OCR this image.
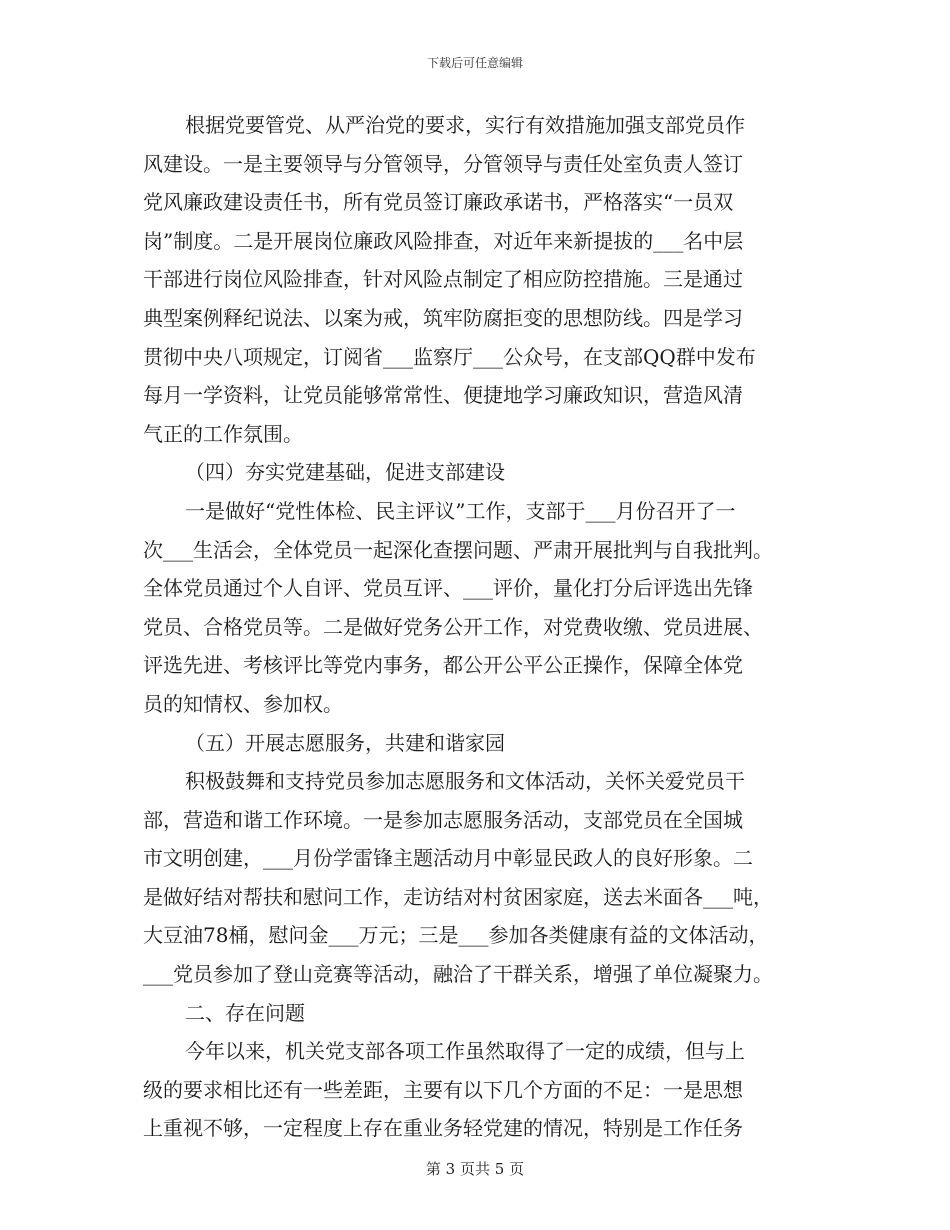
下载后可任意编辑
根据党要管党、从严治党的要求，实行有效措施加强支部党员作
风建设。一是主要领导与分管领导，分管领导与责任处室负责人签订
党风廉政建设责任书，所有党员签订廉政承诺书，严格落实“一员双
岗”制度。二是开展岗位廉政风险排查，对近年来新提拔的___名中层
干部进行岗位风险排查，针对风险点制定了相应防控措施。三是通过
典型案例释纪说法、以案为戒，筑牢防腐拒变的思想防线。四是学习
贯彻中央八项规定，订阅省___监察厅___公众号，在支部QQ群中发布
每月一学资料，让党员能够常常性、便捷地学习廉政知识，营造风清
气正的工作氛围。
（四）夯实党建基础，促进支部建设
一是做好“党性体检、民主评议”工作，支部于___月份召开了一
次___生活会，全体党员一起深化查摆问题、严肃开展批判与自我批判。
全体党员通过个人自评、党员互评、___评价，量化打分后评选出先锋
党员、合格党员等。二是做好党务公开工作，对党费收缴、党员进展、
评选先进、考核评比等党内事务，都公开公平公正操作，保障全体党
员的知情权、参加权。
（五）开展志愿服务，共建和谐家园
积极鼓舞和支持党员参加志愿服务和文体活动，关怀关爱党员干
部，营造和谐工作环境。一是参加志愿服务活动，支部党员在全国城
市文明创建，___月份学雷锋主题活动月中彰显民政人的良好形象。二
是做好结对帮扶和慰问工作，走访结对村贫困家庭，送去米面各___吨，
大豆油78桶，慰问金___万元；三是___参加各类健康有益的文体活动，
___党员参加了登山竞赛等活动，融洽了干群关系，增强了单位凝聚力。
二、存在问题
今年以来，机关党支部各项工作虽然取得了一定的成绩，但与上
级的要求相比还有一些差距，主要有以下几个方面的不足：一是思想
上重视不够，一定程度上存在重业务轻党建的情况，特别是工作任务
第 3 页共 5 页
